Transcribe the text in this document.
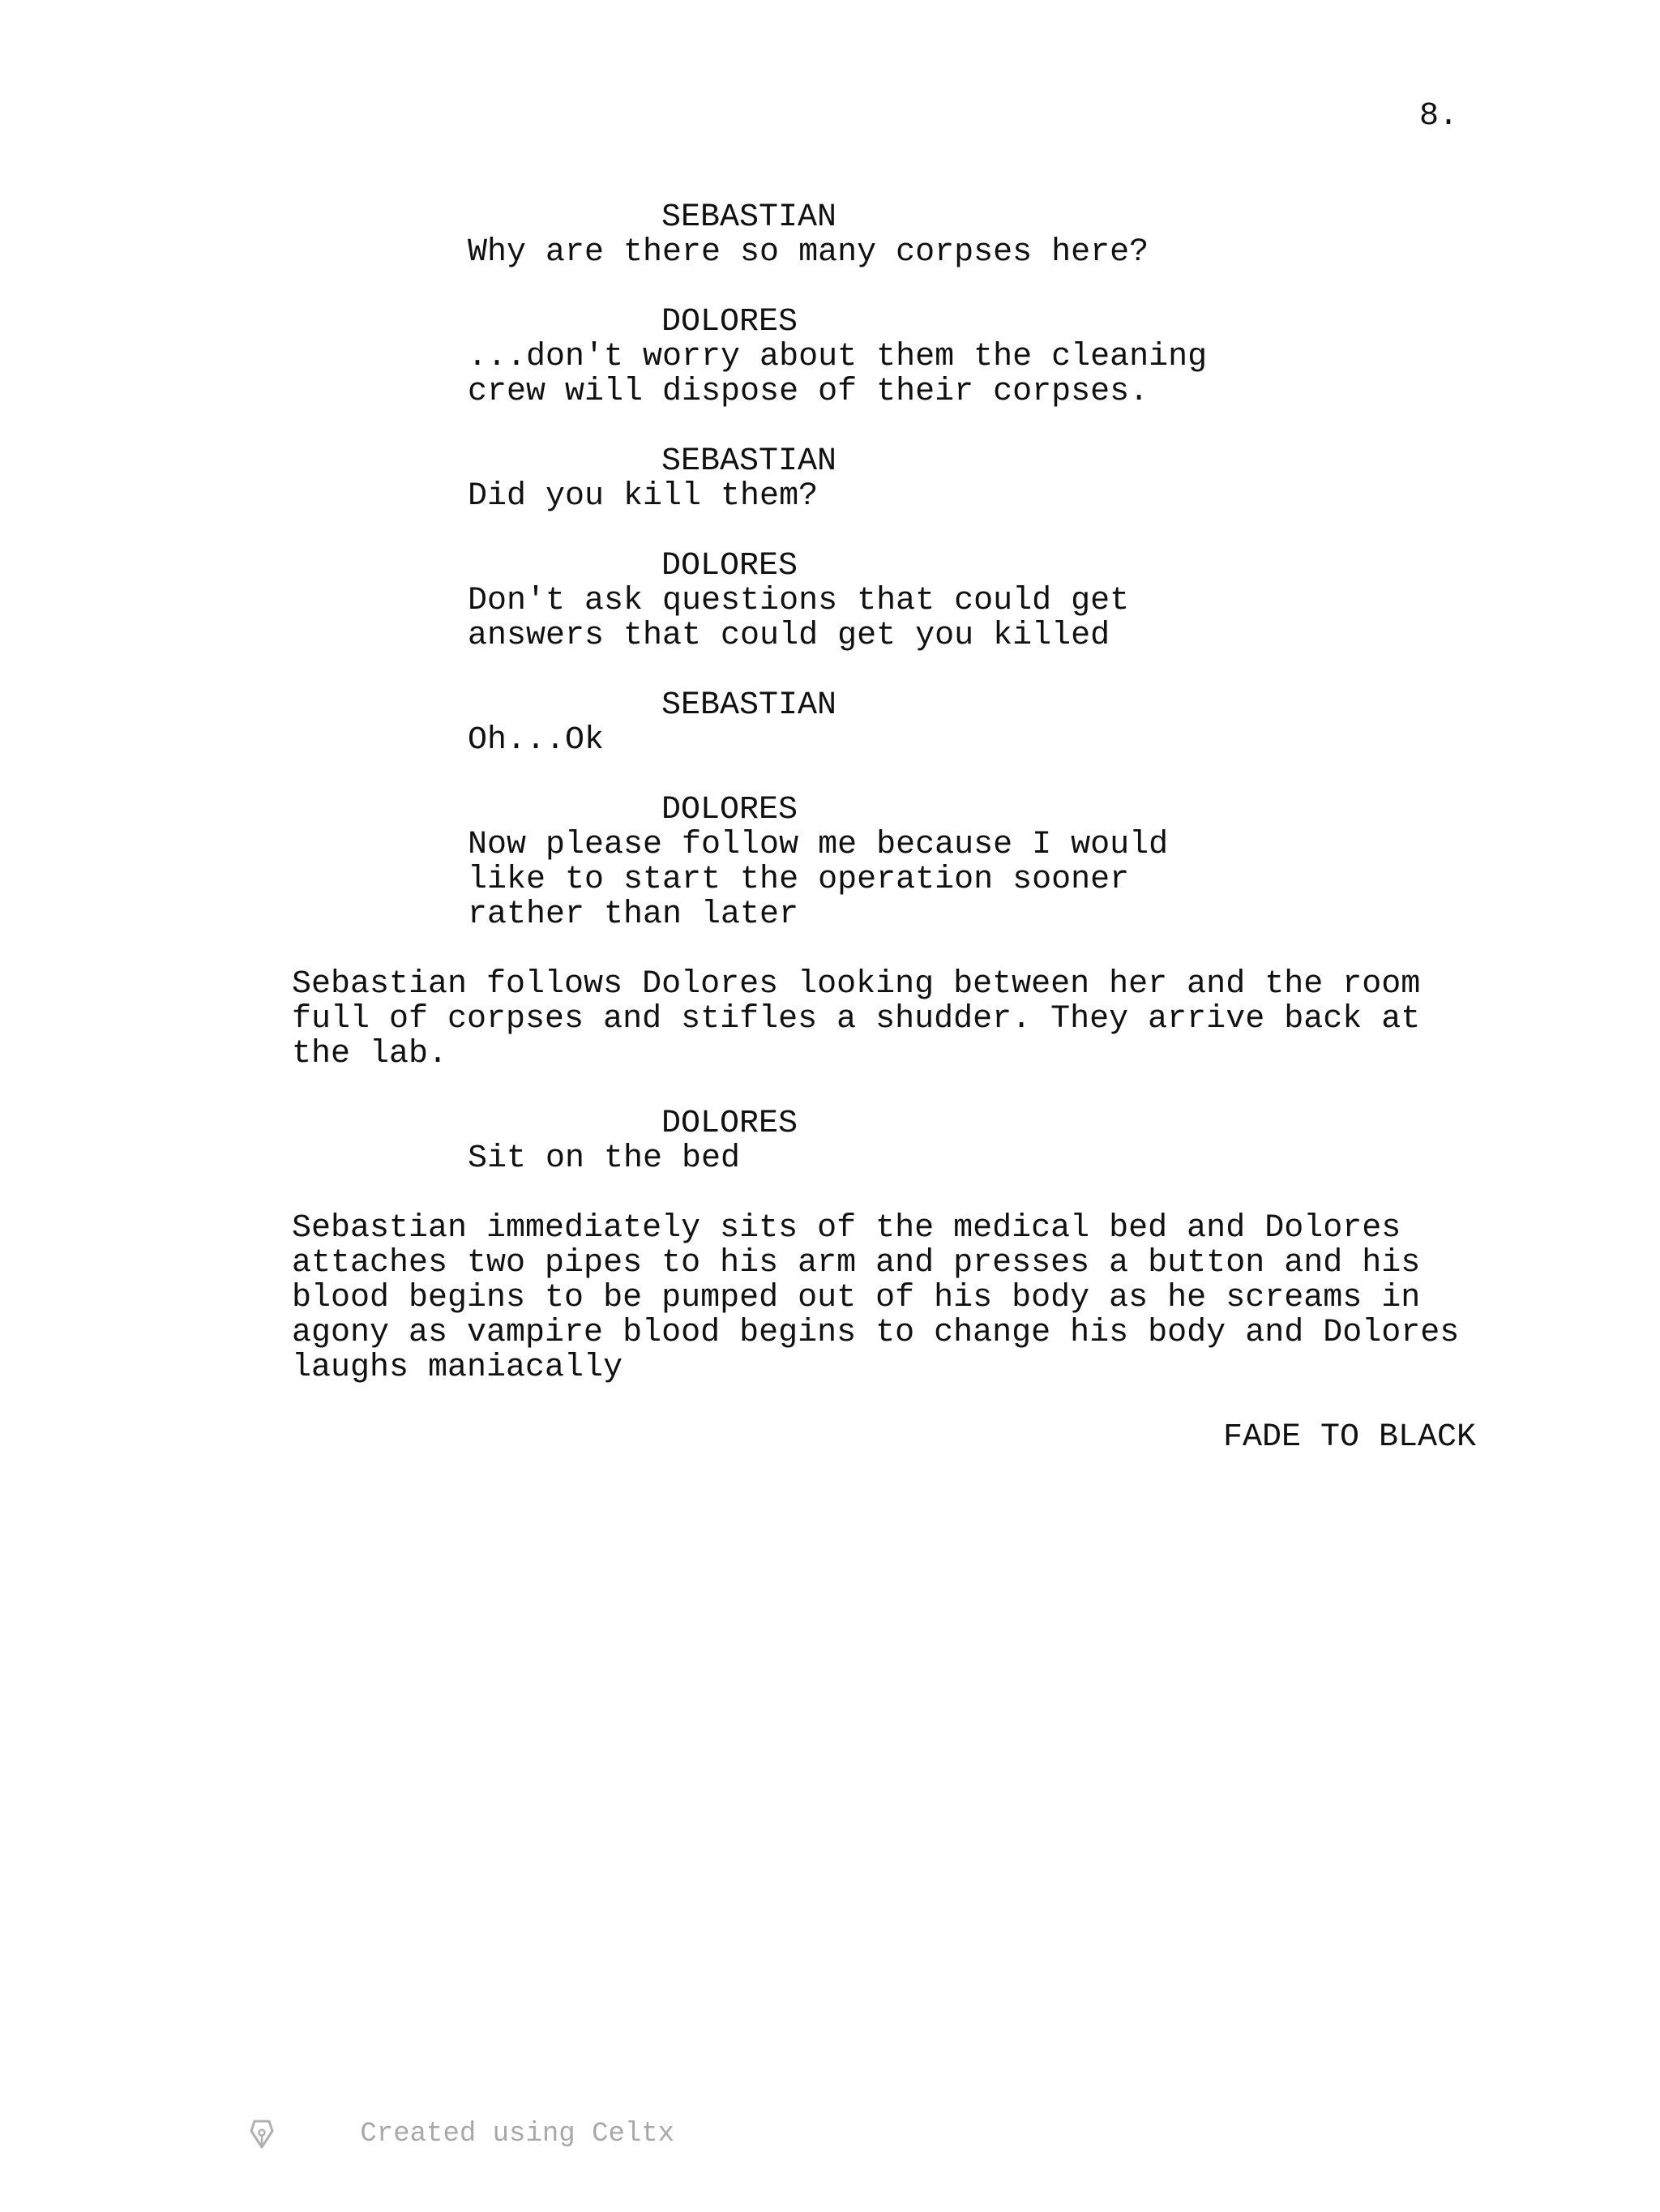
8.
SEBASTIAN
Why are there so many corpses here?
DOLORES
...don't worry about them the cleaning
crew will dispose of their corpses.
SEBASTIAN
Did you kill them?
DOLORES
Don't ask questions that could get
answers that could get you killed
SEBASTIAN
Oh...Ok
DOLORES
Now please follow me because I would
like to start the operation sooner
rather than later
Sebastian follows Dolores looking between her and the room
full of corpses and stifles a shudder. They arrive back at
the lab.
DOLORES
Sit on the bed
Sebastian immediately sits of the medical bed and Dolores
attaches two pipes to his arm and presses a button and his
blood begins to be pumped out of his body as he screams in
agony as vampire blood begins to change his body and Dolores
laughs maniacally
FADE TO BLACK

Created using Celtx
